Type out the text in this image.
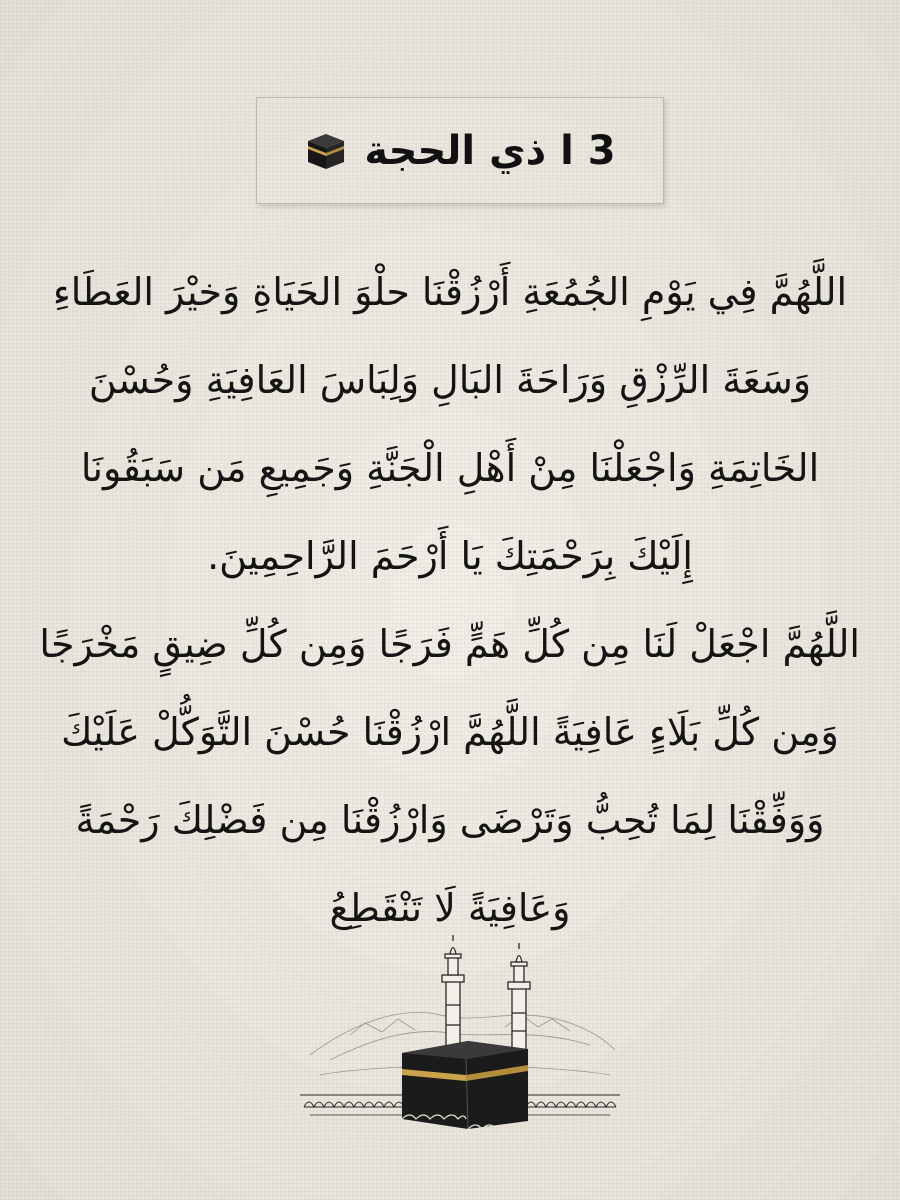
3 ا ذي الحجة
اللَّهُمَّ فِي يَوْمِ الجُمُعَةِ أَرْزُقْنَا حلْوَ الحَيَاةِ وَخيْرَ العَطَاءِ
وَسَعَةَ الرِّزْقِ وَرَاحَةَ البَالِ وَلِبَاسَ العَافِيَةِ وَحُسْنَ
الخَاتِمَةِ وَاجْعَلْنَا مِنْ أَهْلِ الْجَنَّةِ وَجَمِيعِ مَن سَبَقُونَا
إِلَيْكَ بِرَحْمَتِكَ يَا أَرْحَمَ الرَّاحِمِينَ.
اللَّهُمَّ اجْعَلْ لَنَا مِن كُلِّ هَمٍّ فَرَجًا وَمِن كُلِّ ضِيقٍ مَخْرَجًا
وَمِن كُلِّ بَلَاءٍ عَافِيَةً اللَّهُمَّ ارْزُقْنَا حُسْنَ التَّوَكُّلْ عَلَيْكَ
وَوَفِّقْنَا لِمَا تُحِبُّ وَتَرْضَى وَارْزُقْنَا مِن فَضْلِكَ رَحْمَةً
وَعَافِيَةً لَا تَنْقَطِعُ
